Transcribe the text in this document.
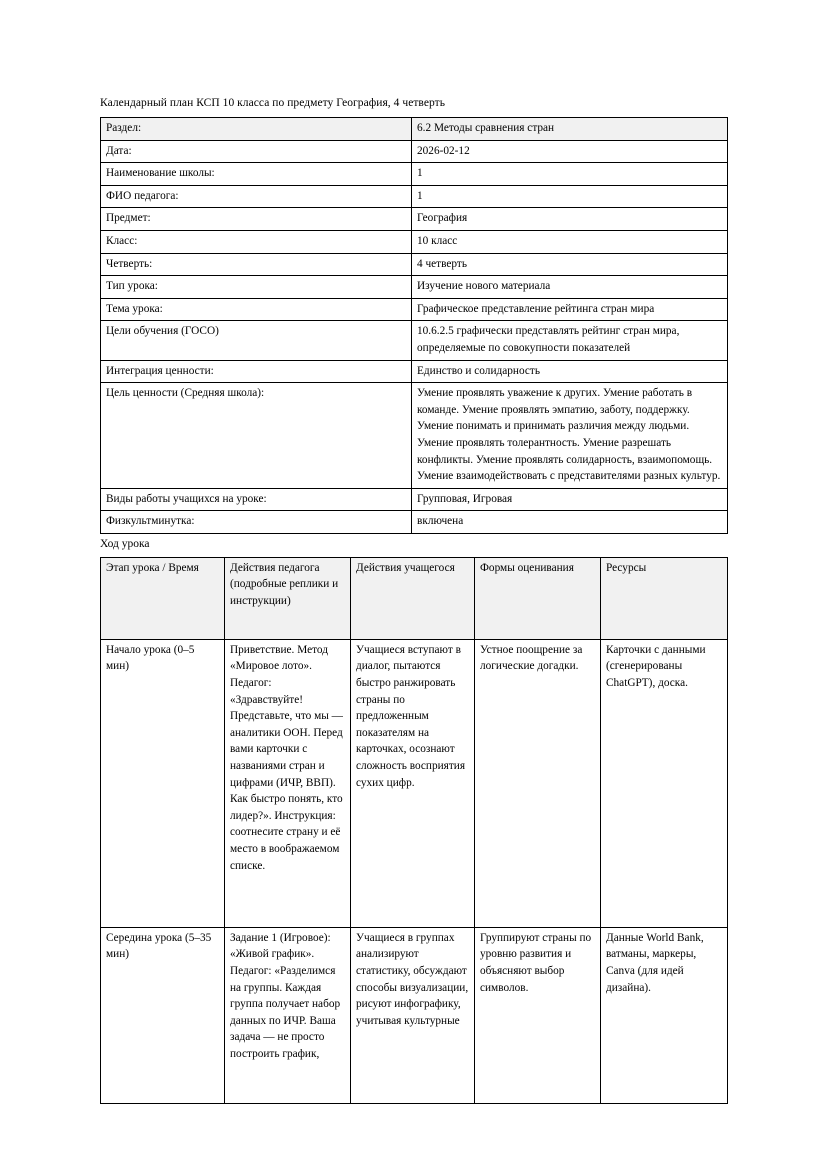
Календарный план КСП 10 класса по предмету География, 4 четверть

Раздел:	6.2 Методы сравнения стран
Дата:	2026-02-12
Наименование школы:	1
ФИО педагога:	1
Предмет:	География
Класс:	10 класс
Четверть:	4 четверть
Тип урока:	Изучение нового материала
Тема урока:	Графическое представление рейтинга стран мира
Цели обучения (ГОСО)	10.6.2.5 графически представлять рейтинг стран мира, определяемые по совокупности показателей
Интеграция ценности:	Единство и солидарность
Цель ценности (Средняя школа):	Умение проявлять уважение к других. Умение работать в команде. Умение проявлять эмпатию, заботу, поддержку. Умение понимать и принимать различия между людьми. Умение проявлять толерантность. Умение разрешать конфликты. Умение проявлять солидарность, взаимопомощь. Умение взаимодействовать с представителями разных культур.
Виды работы учащихся на уроке:	Групповая, Игровая
Физкультминутка:	включена

Ход урока

Этап урока / Время	Действия педагога (подробные реплики и инструкции)	Действия учащегося	Формы оценивания	Ресурсы
Начало урока (0–5 мин)	Приветствие. Метод «Мировое лото». Педагог: «Здравствуйте! Представьте, что мы — аналитики ООН. Перед вами карточки с названиями стран и цифрами (ИЧР, ВВП). Как быстро понять, кто лидер?». Инструкция: соотнесите страну и её место в воображаемом списке.	Учащиеся вступают в диалог, пытаются быстро ранжировать страны по предложенным показателям на карточках, осознают сложность восприятия сухих цифр.	Устное поощрение за логические догадки.	Карточки с данными (сгенерированы ChatGPT), доска.
Середина урока (5–35 мин)	Задание 1 (Игровое): «Живой график». Педагог: «Разделимся на группы. Каждая группа получает набор данных по ИЧР. Ваша задача — не просто построить график,	Учащиеся в группах анализируют статистику, обсуждают способы визуализации, рисуют инфографику, учитывая культурные	Группируют страны по уровню развития и объясняют выбор символов.	Данные World Bank, ватманы, маркеры, Canva (для идей дизайна).
